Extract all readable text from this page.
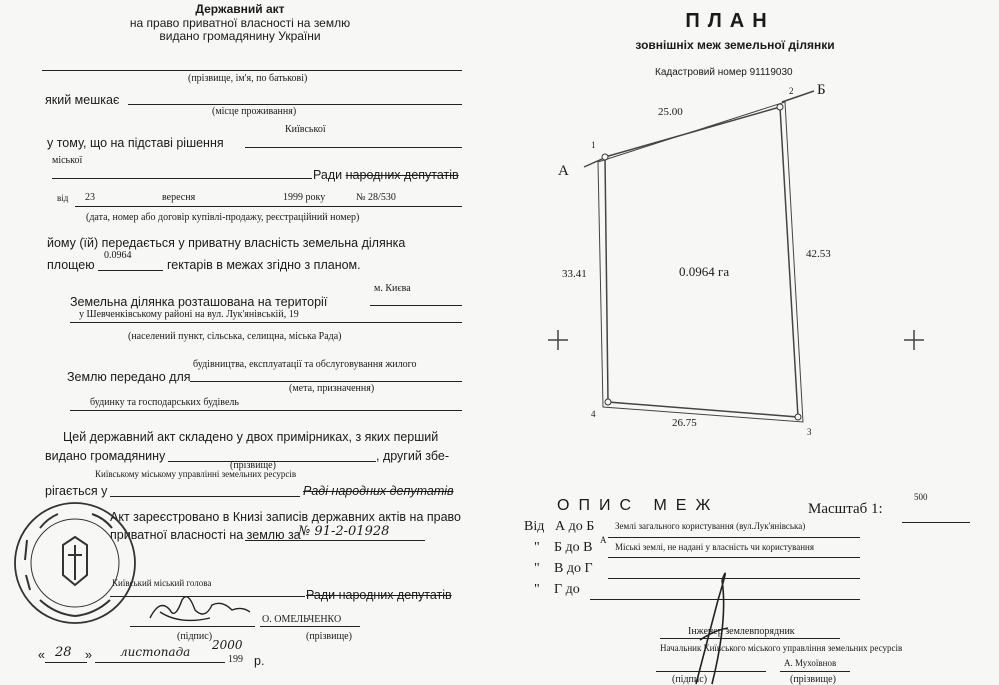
Державний акт
на право приватної власності на землю
видано громадянину України
(прізвище, ім'я, по батькові)
який мешкає
(місце проживання)
Київської
у тому, що на підставі рішення
міської
Ради народних депутатів
від 23	вересня	1999 року	№ 28/530
(дата, номер або договір купівлі-продажу, реєстраційний номер)
йому (їй) передається у приватну власність земельна ділянка
площею
0.0964
гектарів в межах згідно з планом.
м. Києва
Земельна ділянка розташована на території
у Шевченківському районі на вул. Лук'янівській, 19
(населений пункт, сільська, селищна, міська Рада)
будівництва, експлуатації та обслуговування жилого
Землю передано для
(мета, призначення)
будинку та господарських будівель
Цей державний акт складено у двох примірниках, з яких перший
видано громадянину	, другий збе-
(прізвище)
Київському міському управлінні земельних ресурсів
рігається у	Раді народних депутатів
Акт зареєстровано в Книзі записів державних актів на право
приватної власності на землю за
№ 91-2-01928
Київський міський голова
Ради народних депутатів
О. ОМЕЛЬЧЕНКО
(підпис)	(прізвище)
« 28 » листопада 2000
199 р.
ПЛАН
зовнішніх меж земельної ділянки
Кадастровий номер 91119030
А
Б
1
2
3
4
25.00
42.53
33.41
26.75
0.0964 га
ОПИС МЕЖ	Масштаб 1:
500
Від А до Б Землі загального користування (вул.Лук'янівська)
А
" Б до В	Міські землі, не надані у власність чи користування
" В до Г
" Г до
Інженер землевпорядник
Начальник Київського міського управління земельних ресурсів
А. Мухоївнов
(підпис)	(прізвище)
